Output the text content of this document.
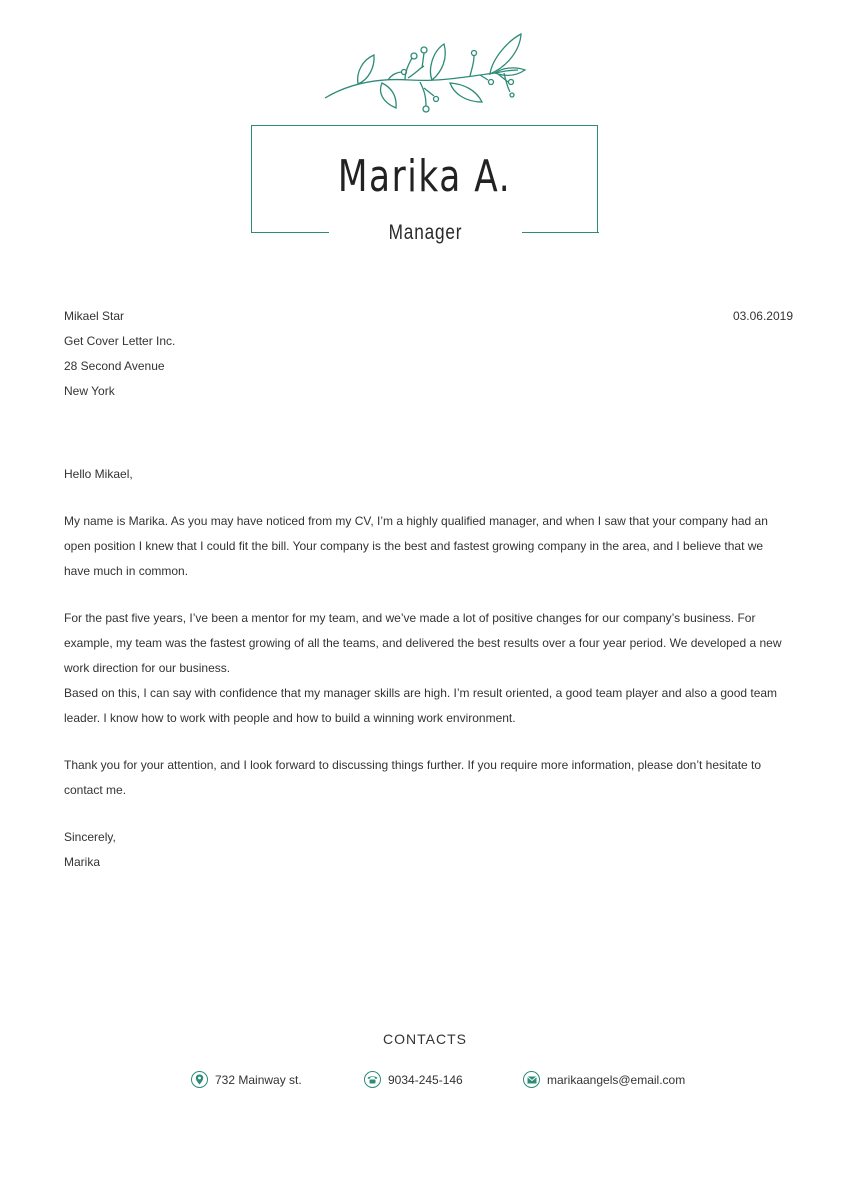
Marika A.
Manager
Mikael Star
Get Cover Letter Inc.
28 Second Avenue
New York
03.06.2019

Hello Mikael,

My name is Marika. As you may have noticed from my CV, I’m a highly qualified manager, and when I saw that your company had an open position I knew that I could fit the bill. Your company is the best and fastest growing company in the area, and I believe that we have much in common.

For the past five years, I’ve been a mentor for my team, and we’ve made a lot of positive changes for our company’s business. For example, my team was the fastest growing of all the teams, and delivered the best results over a four year period. We developed a new work direction for our business.

Based on this, I can say with confidence that my manager skills are high. I’m result oriented, a good team player and also a good team leader. I know how to work with people and how to build a winning work environment.

Thank you for your attention, and I look forward to discussing things further. If you require more information, please don’t hesitate to contact me.

Sincerely,

Marika

CONTACTS
732 Mainway st.	9034-245-146	marikaangels@email.com
